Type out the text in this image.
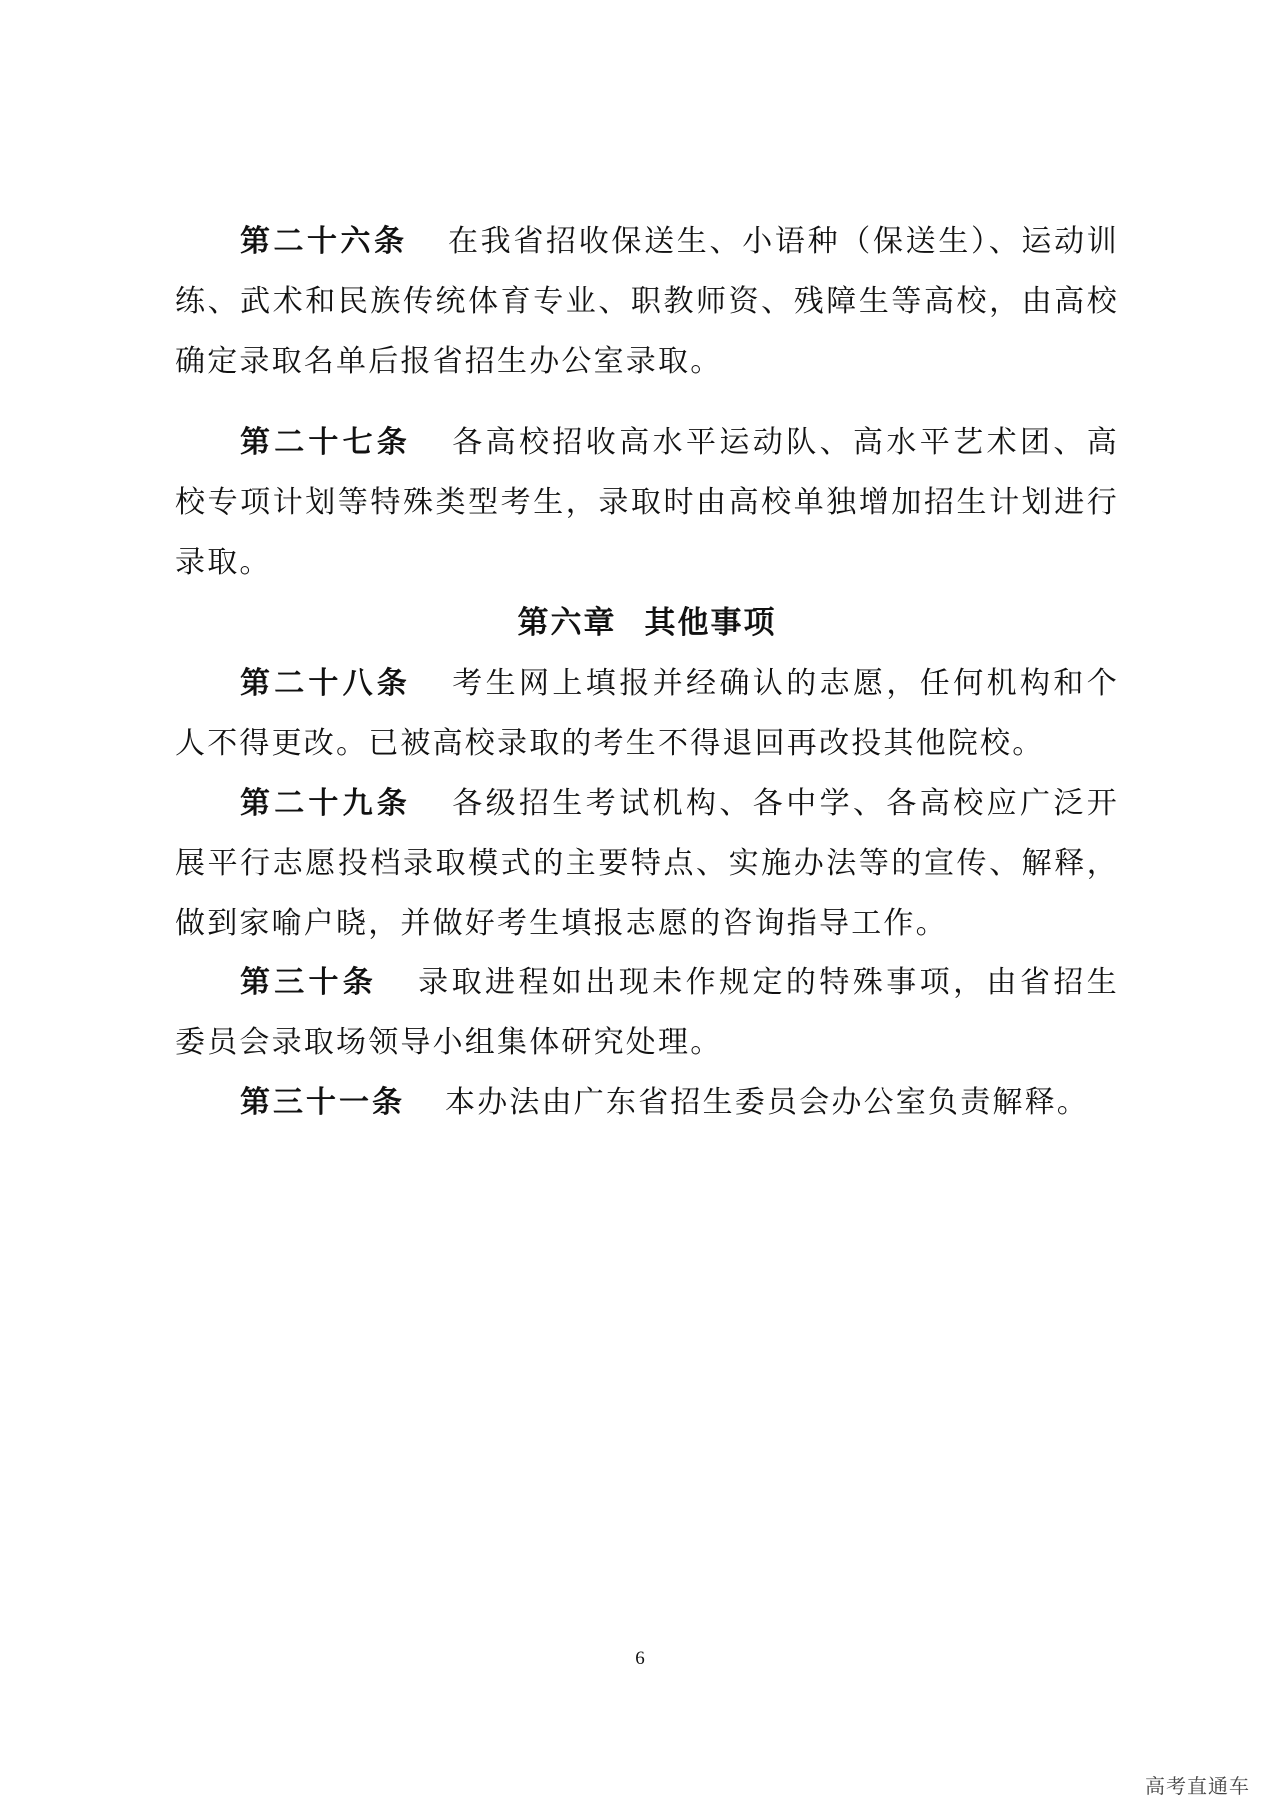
第二十六条 在我省招收保送生、小语种（保送生）、运动训练、武术和民族传统体育专业、职教师资、残障生等高校，由高校确定录取名单后报省招生办公室录取。

第二十七条 各高校招收高水平运动队、高水平艺术团、高校专项计划等特殊类型考生，录取时由高校单独增加招生计划进行录取。

第六章 其他事项

第二十八条 考生网上填报并经确认的志愿，任何机构和个人不得更改。已被高校录取的考生不得退回再改投其他院校。

第二十九条 各级招生考试机构、各中学、各高校应广泛开展平行志愿投档录取模式的主要特点、实施办法等的宣传、解释，做到家喻户晓，并做好考生填报志愿的咨询指导工作。

第三十条 录取进程如出现未作规定的特殊事项，由省招生委员会录取场领导小组集体研究处理。

第三十一条 本办法由广东省招生委员会办公室负责解释。

6
高考直通车
